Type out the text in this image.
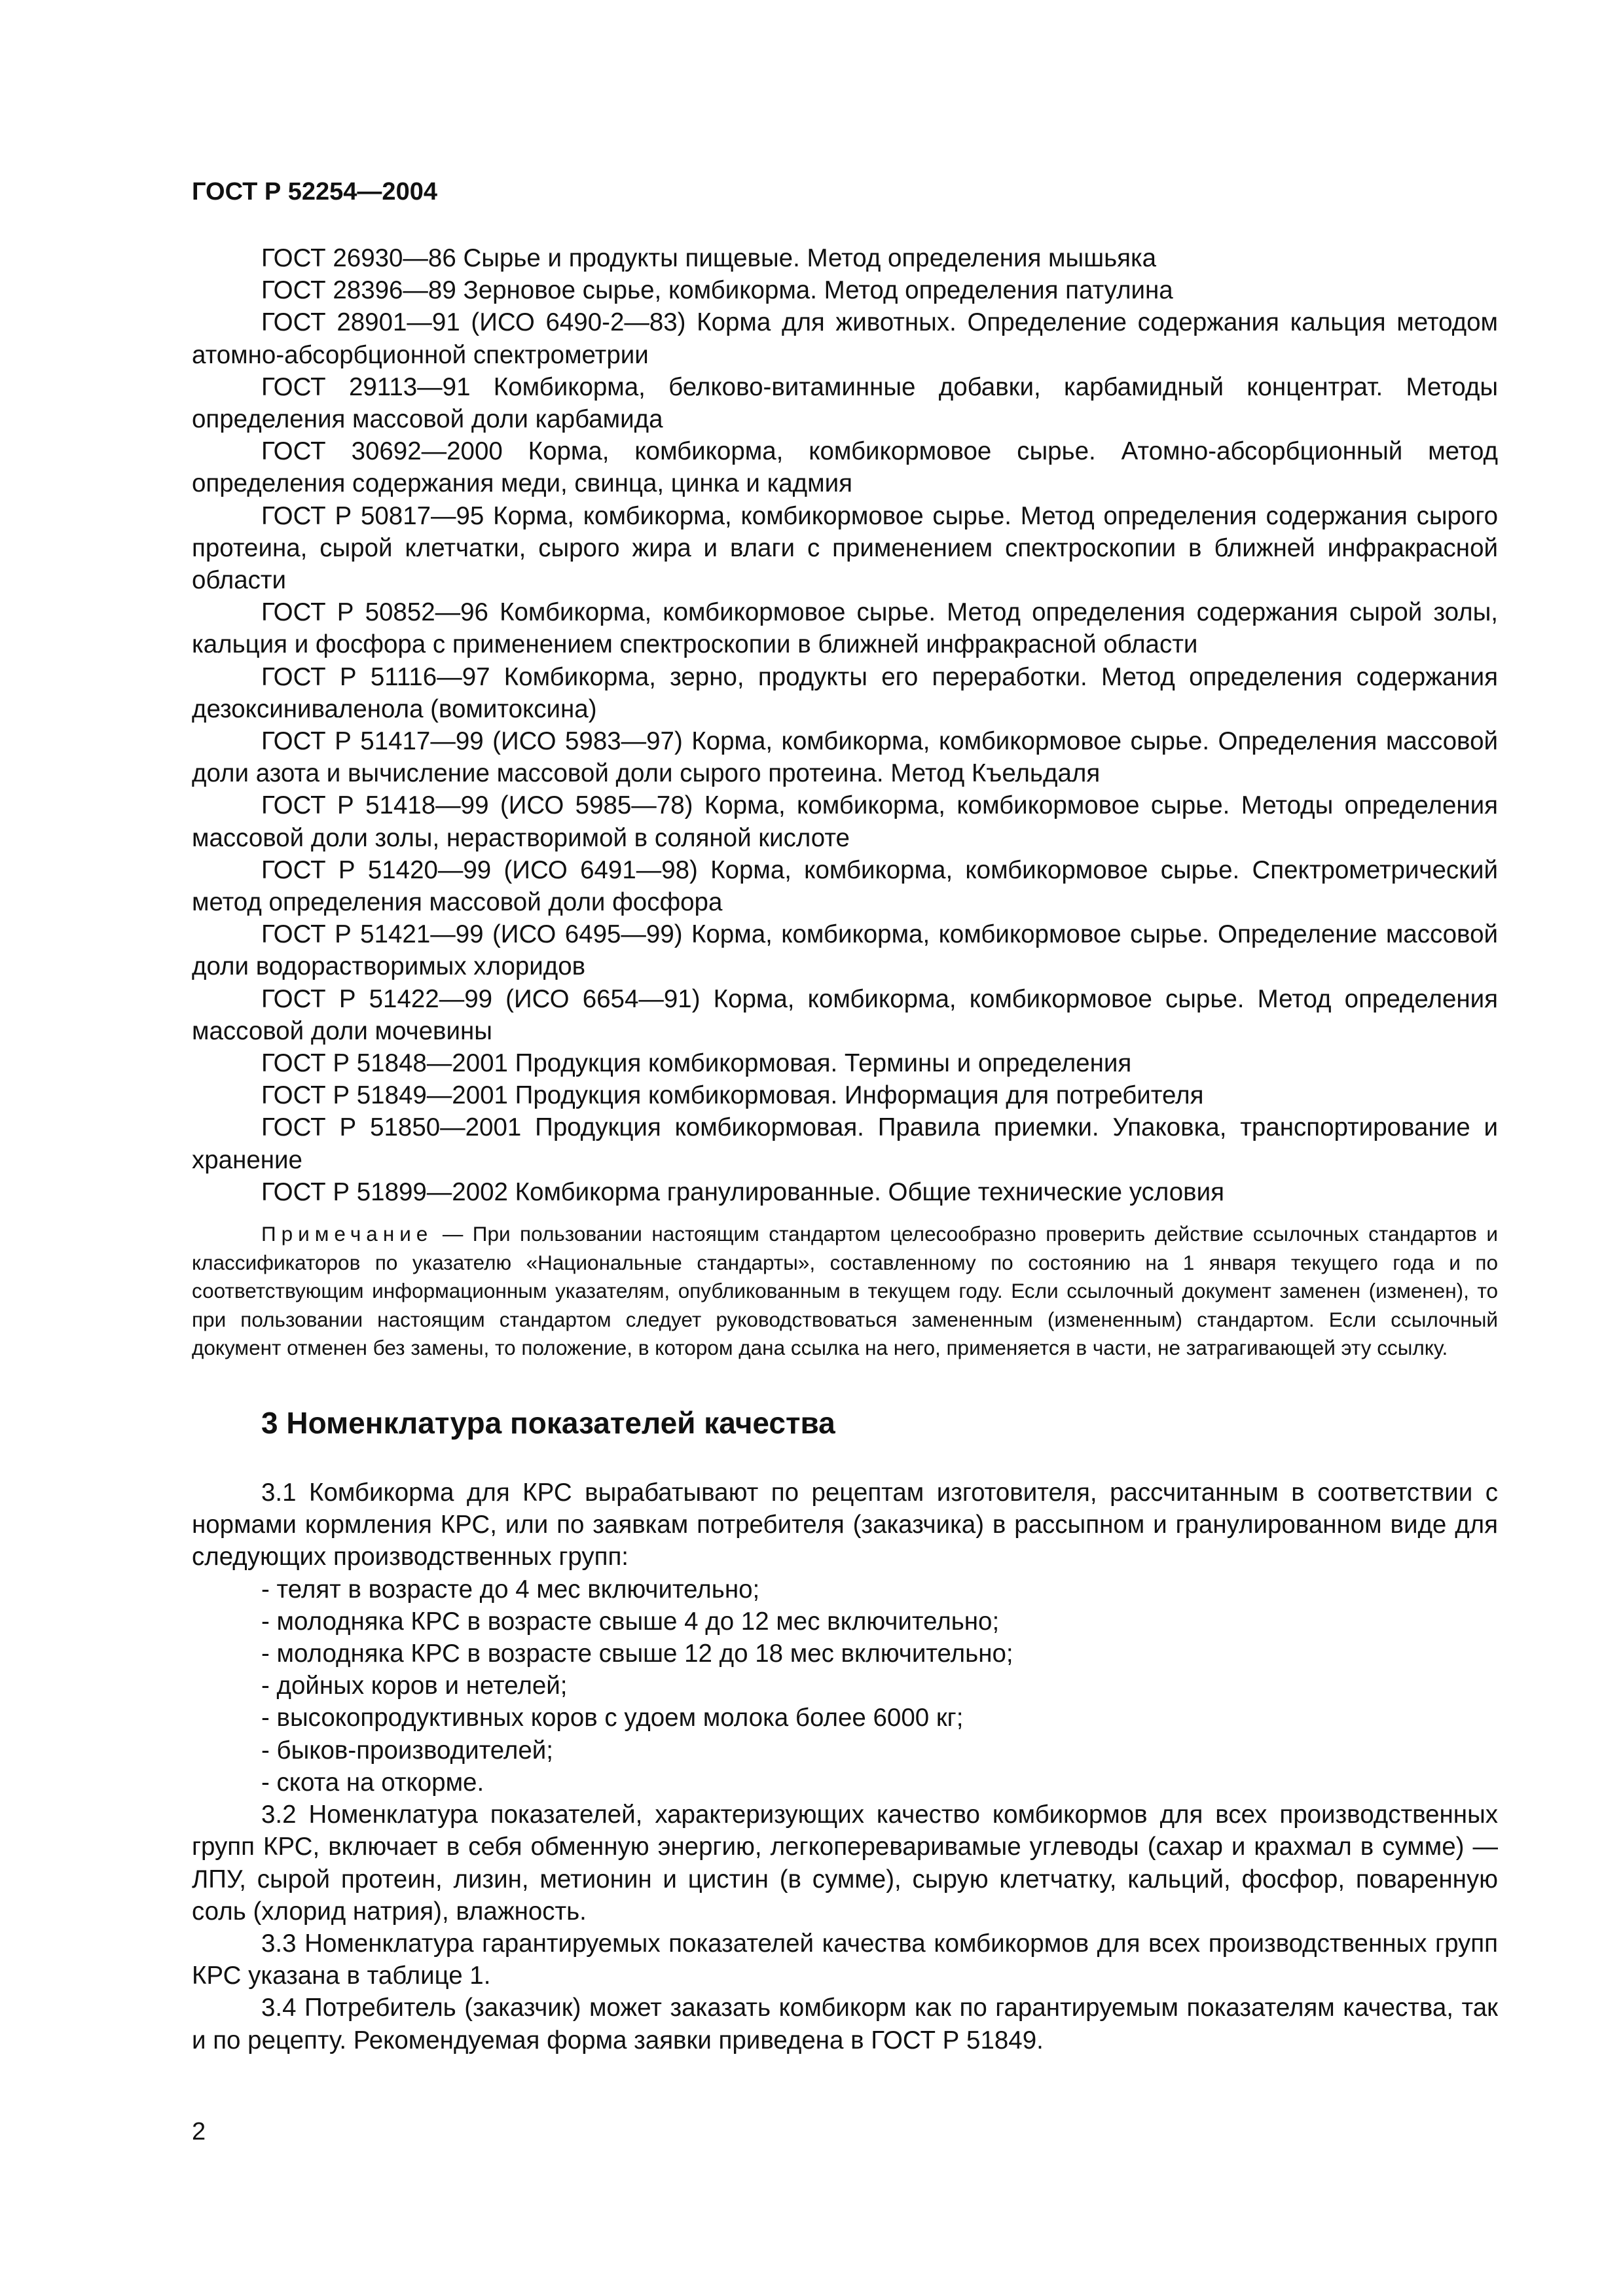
ГОСТ Р 52254—2004

ГОСТ 26930—86 Сырье и продукты пищевые. Метод определения мышьяка

ГОСТ 28396—89 Зерновое сырье, комбикорма. Метод определения патулина

ГОСТ 28901—91 (ИСО 6490-2—83) Корма для животных. Определение содержания кальция методом атомно-абсорбционной спектрометрии

ГОСТ 29113—91 Комбикорма, белково-витаминные добавки, карбамидный концентрат. Методы определения массовой доли карбамида

ГОСТ 30692—2000 Корма, комбикорма, комбикормовое сырье. Атомно-абсорбционный метод определения содержания меди, свинца, цинка и кадмия

ГОСТ Р 50817—95 Корма, комбикорма, комбикормовое сырье. Метод определения содержания сырого протеина, сырой клетчатки, сырого жира и влаги с применением спектроскопии в ближней инфракрасной области

ГОСТ Р 50852—96 Комбикорма, комбикормовое сырье. Метод определения содержания сырой золы, кальция и фосфора с применением спектроскопии в ближней инфракрасной области

ГОСТ Р 51116—97 Комбикорма, зерно, продукты его переработки. Метод определения содержания дезоксиниваленола (вомитоксина)

ГОСТ Р 51417—99 (ИСО 5983—97) Корма, комбикорма, комбикормовое сырье. Определения массовой доли азота и вычисление массовой доли сырого протеина. Метод Къельдаля

ГОСТ Р 51418—99 (ИСО 5985—78) Корма, комбикорма, комбикормовое сырье. Методы определения массовой доли золы, нерастворимой в соляной кислоте

ГОСТ Р 51420—99 (ИСО 6491—98) Корма, комбикорма, комбикормовое сырье. Спектрометрический метод определения массовой доли фосфора

ГОСТ Р 51421—99 (ИСО 6495—99) Корма, комбикорма, комбикормовое сырье. Определение массовой доли водорастворимых хлоридов

ГОСТ Р 51422—99 (ИСО 6654—91) Корма, комбикорма, комбикормовое сырье. Метод определения массовой доли мочевины

ГОСТ Р 51848—2001 Продукция комбикормовая. Термины и определения

ГОСТ Р 51849—2001 Продукция комбикормовая. Информация для потребителя

ГОСТ Р 51850—2001 Продукция комбикормовая. Правила приемки. Упаковка, транспортирование и хранение

ГОСТ Р 51899—2002 Комбикорма гранулированные. Общие технические условия

Примечание — При пользовании настоящим стандартом целесообразно проверить действие ссылочных стандартов и классификаторов по указателю «Национальные стандарты», составленному по состоянию на 1 января текущего года и по соответствующим информационным указателям, опубликованным в текущем году. Если ссылочный документ заменен (изменен), то при пользовании настоящим стандартом следует руководствоваться замененным (измененным) стандартом. Если ссылочный документ отменен без замены, то положение, в котором дана ссылка на него, применяется в части, не затрагивающей эту ссылку.

3 Номенклатура показателей качества

3.1 Комбикорма для КРС вырабатывают по рецептам изготовителя, рассчитанным в соответствии с нормами кормления КРС, или по заявкам потребителя (заказчика) в рассыпном и гранулированном виде для следующих производственных групп:

- телят в возрасте до 4 мес включительно;
- молодняка КРС в возрасте свыше 4 до 12 мес включительно;
- молодняка КРС в возрасте свыше 12 до 18 мес включительно;
- дойных коров и нетелей;
- высокопродуктивных коров с удоем молока более 6000 кг;
- быков-производителей;
- скота на откорме.

3.2 Номенклатура показателей, характеризующих качество комбикормов для всех производственных групп КРС, включает в себя обменную энергию, легкопереваривамые углеводы (сахар и крахмал в сумме) — ЛПУ, сырой протеин, лизин, метионин и цистин (в сумме), сырую клетчатку, кальций, фосфор, поваренную соль (хлорид натрия), влажность.

3.3 Номенклатура гарантируемых показателей качества комбикормов для всех производственных групп КРС указана в таблице 1.

3.4 Потребитель (заказчик) может заказать комбикорм как по гарантируемым показателям качества, так и по рецепту. Рекомендуемая форма заявки приведена в ГОСТ Р 51849.

2
